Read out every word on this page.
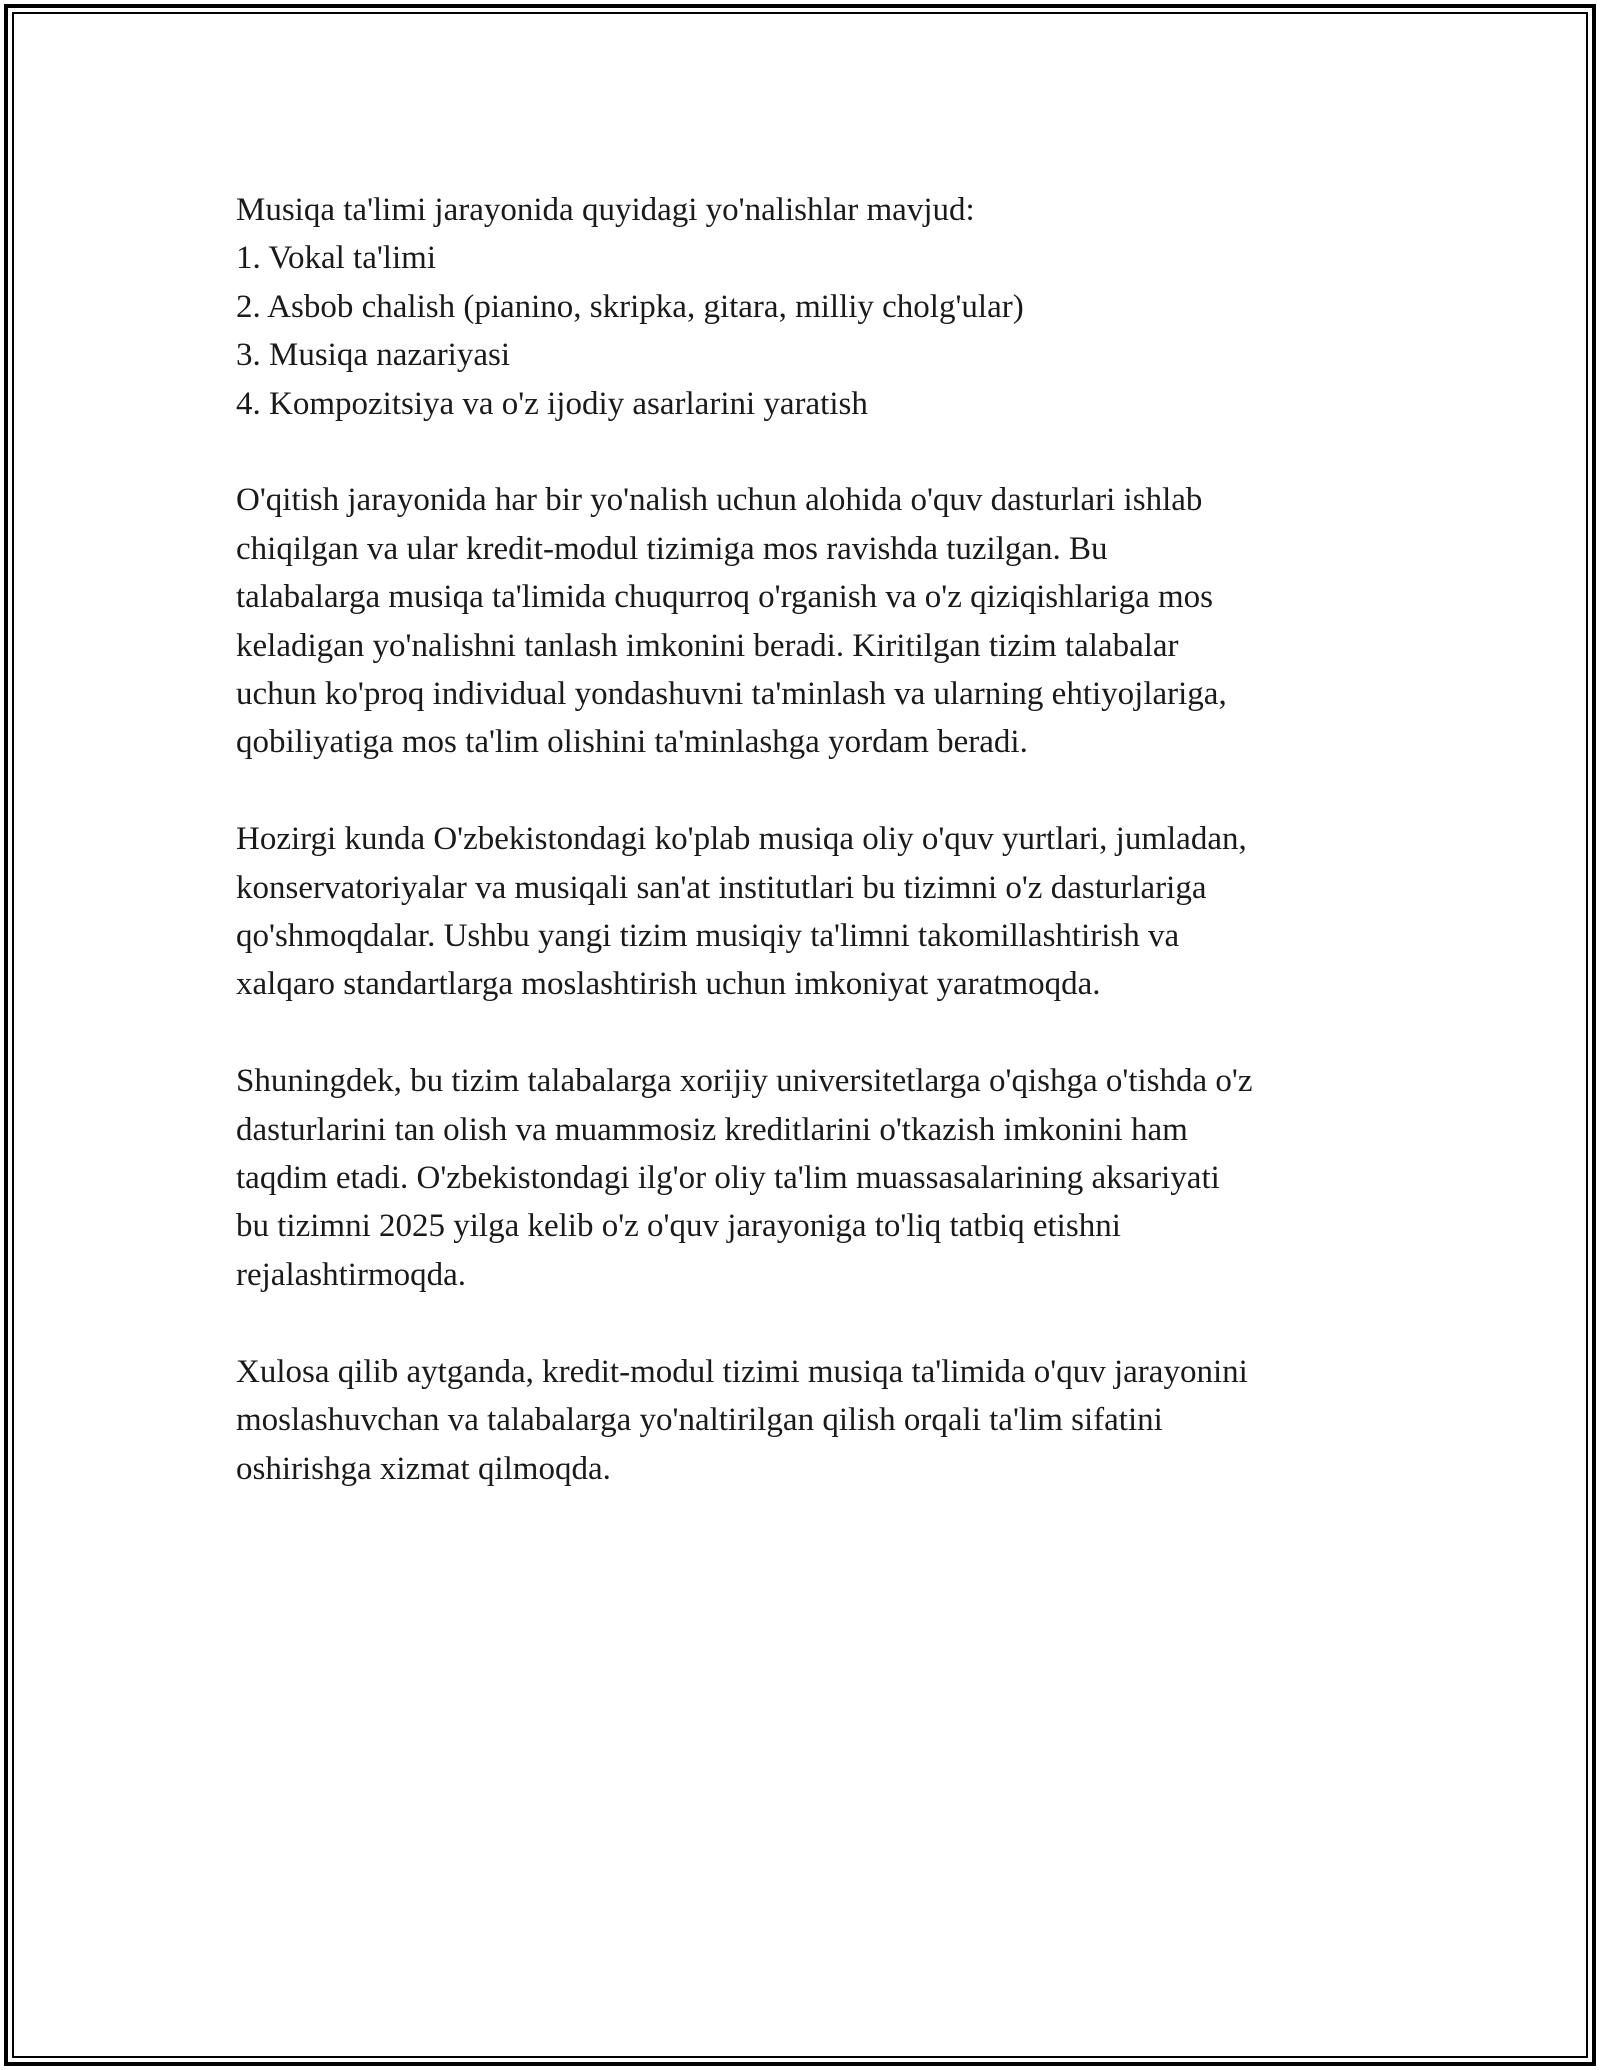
Musiqa ta'limi jarayonida quyidagi yo'nalishlar mavjud:

1. Vokal ta'limi

2. Asbob chalish (pianino, skripka, gitara, milliy cholg'ular)

3. Musiqa nazariyasi

4. Kompozitsiya va o'z ijodiy asarlarini yaratish

O'qitish jarayonida har bir yo'nalish uchun alohida o'quv dasturlari ishlab

chiqilgan va ular kredit-modul tizimiga mos ravishda tuzilgan. Bu

talabalarga musiqa ta'limida chuqurroq o'rganish va o'z qiziqishlariga mos

keladigan yo'nalishni tanlash imkonini beradi. Kiritilgan tizim talabalar

uchun ko'proq individual yondashuvni ta'minlash va ularning ehtiyojlariga,

qobiliyatiga mos ta'lim olishini ta'minlashga yordam beradi.

Hozirgi kunda O'zbekistondagi ko'plab musiqa oliy o'quv yurtlari, jumladan,

konservatoriyalar va musiqali san'at institutlari bu tizimni o'z dasturlariga

qo'shmoqdalar. Ushbu yangi tizim musiqiy ta'limni takomillashtirish va

xalqaro standartlarga moslashtirish uchun imkoniyat yaratmoqda.

Shuningdek, bu tizim talabalarga xorijiy universitetlarga o'qishga o'tishda o'z

dasturlarini tan olish va muammosiz kreditlarini o'tkazish imkonini ham

taqdim etadi. O'zbekistondagi ilg'or oliy ta'lim muassasalarining aksariyati

bu tizimni 2025 yilga kelib o'z o'quv jarayoniga to'liq tatbiq etishni

rejalashtirmoqda.

Xulosa qilib aytganda, kredit-modul tizimi musiqa ta'limida o'quv jarayonini

moslashuvchan va talabalarga yo'naltirilgan qilish orqali ta'lim sifatini

oshirishga xizmat qilmoqda.
